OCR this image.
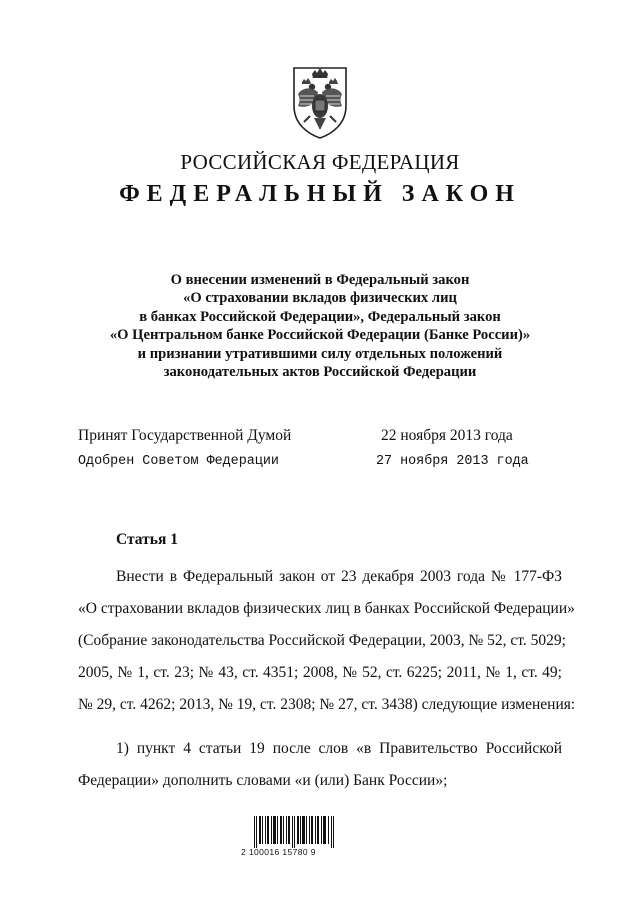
РОССИЙСКАЯ ФЕДЕРАЦИЯ
ФЕДЕРАЛЬНЫЙ ЗАКОН
О внесении изменений в Федеральный закон
«О страховании вкладов физических лиц
в банках Российской Федерации», Федеральный закон
«О Центральном банке Российской Федерации (Банке России)»
и признании утратившими силу отдельных положений
законодательных актов Российской Федерации
Принят Государственной Думой	22 ноября 2013 года
Одобрен Советом Федерации	27 ноября 2013 года
Статья 1
Внести в Федеральный закон от 23 декабря 2003 года № 177-ФЗ
«О страховании вкладов физических лиц в банках Российской Федерации»
(Собрание законодательства Российской Федерации, 2003, № 52, ст. 5029;
2005, № 1, ст. 23; № 43, ст. 4351; 2008, № 52, ст. 6225; 2011, № 1, ст. 49;
№ 29, ст. 4262; 2013, № 19, ст. 2308; № 27, ст. 3438) следующие изменения:
1) пункт 4 статьи 19 после слов «в Правительство Российской
Федерации» дополнить словами «и (или) Банк России»;
2 100016 15780 9
